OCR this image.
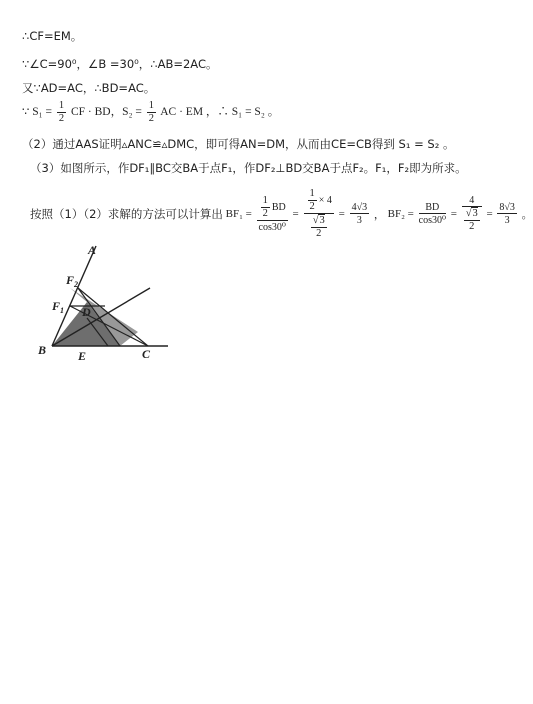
∴CF=EM。
∵∠C=90⁰，∠B =30⁰，∴AB=2AC。
又∵AD=AC，∴BD=AC。
∵ $S_1 = \frac{1}{2}$ CF · BD，$S_2 = \frac{1}{2}$ AC · EM ，∴ S₁ = S₂ 。
（2）通过AAS证明▵ANC≌▵DMC，即可得AN=DM，从而由CE=CB得到 S₁ = S₂ 。
（3）如图所示，作DF₁∥BC交BA于点F₁，作DF₂⊥BD交BA于点F₂。F₁，F₂即为所求。
按照（1）（2）求解的方法可以计算出 $BF_1 = \frac{\frac{1}{2} BD}{\text{cos30⁰}} = \frac{\frac{1}{2} \times 4}{\frac{√3}{2}} = \frac{4√3}{3}$ ， $BF_2 = \frac{BD}{\text{cos30⁰}} = \frac{4}{\frac{√3}{2}} = \frac{8√3}{3}$ 。
A
$F_2$
$F_1$ D
B	E	C
